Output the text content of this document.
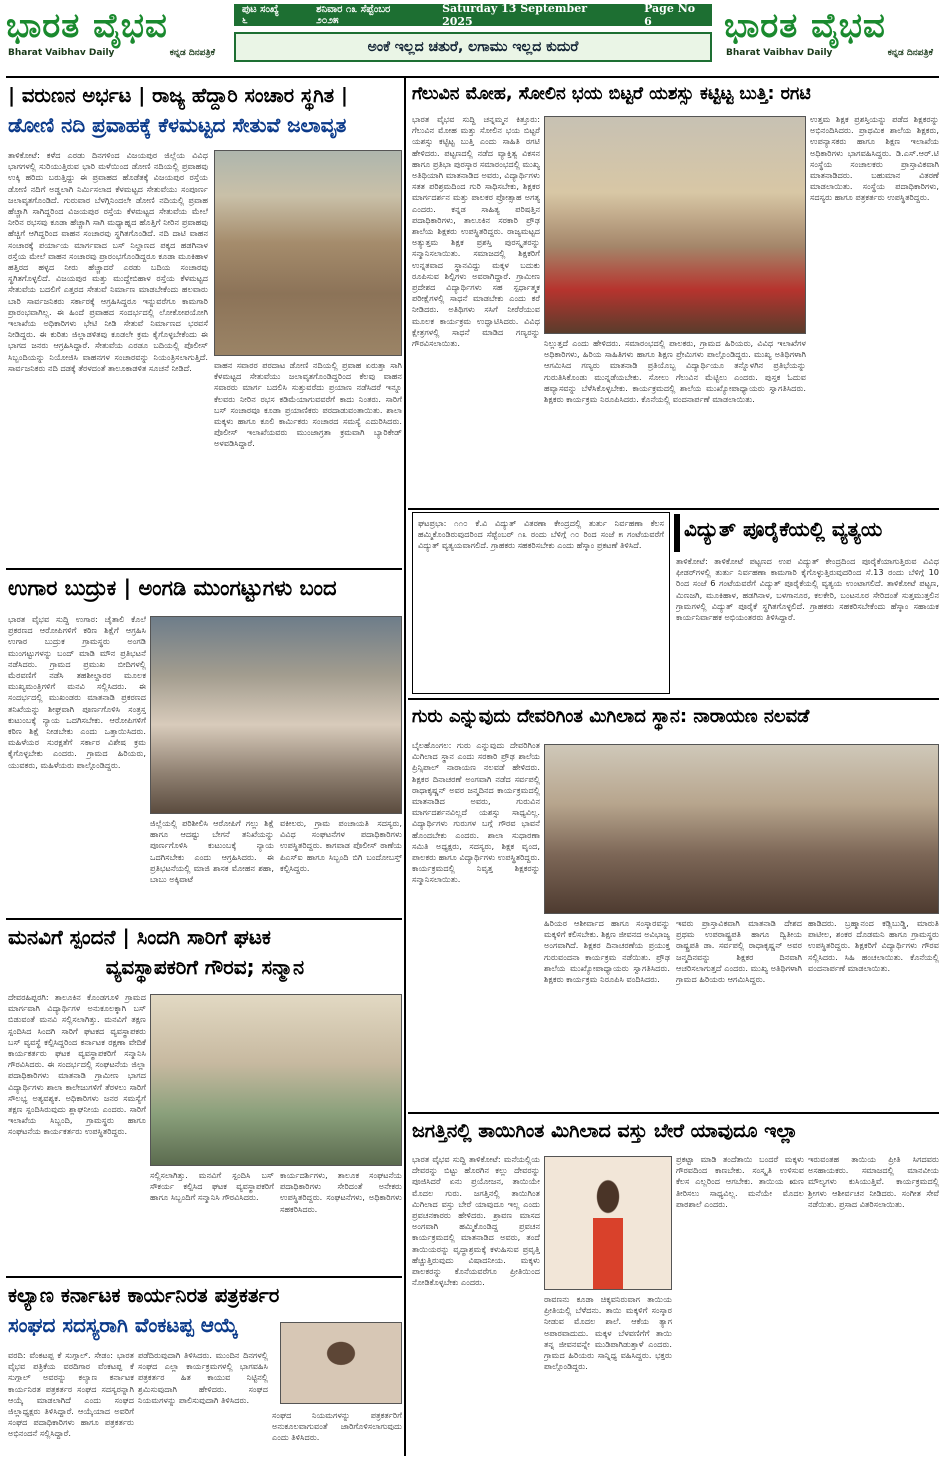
ಭಾರತ ವೈಭವ
Bharat Vaibhav Daily	ಕನ್ನಡ ದಿನಪತ್ರಿಕೆ
ಪುಟ ಸಂಖ್ಯೆ ೬
ಶನಿವಾರ ೧೩ ಸೆಪ್ಟೆಂಬರ ೨೦೨೫
Saturday 13 September 2025
Page No 6
ಅಂಕೆ ಇಲ್ಲದ ಚತುರೆ, ಲಗಾಮು ಇಲ್ಲದ ಕುದುರೆ
ಭಾರತ ವೈಭವ
Bharat Vaibhav Daily	ಕನ್ನಡ ದಿನಪತ್ರಿಕೆ
| ವರುಣನ ಅರ್ಭಟ | ರಾಜ್ಯ ಹೆದ್ದಾರಿ ಸಂಚಾರ ಸ್ಥಗಿತ |
ಡೋಣಿ ನದಿ ಪ್ರವಾಹಕ್ಕೆ ಕೆಳಮಟ್ಟದ ಸೇತುವೆ ಜಲಾವೃತ
ತಾಳಿಕೋಟೆ: ಕಳೆದ ಎರಡು ದಿನಗಳಿಂದ ವಿಜಯಪುರ ಜಿಲ್ಲೆಯ ವಿವಿಧ ಭಾಗಗಳಲ್ಲಿ ಸುರಿಯುತ್ತಿರುವ ಭಾರಿ ಮಳೆಯಿಂದ ಡೋಣಿ ನದಿಯಲ್ಲಿ ಪ್ರವಾಹವು ಉಕ್ಕಿ ಹರಿದು ಬರುತ್ತಿದ್ದು ಈ ಪ್ರವಾಹದ ಹೊಡೆತಕ್ಕೆ ವಿಜಯಪುರ ರಸ್ತೆಯ ಡೋಣಿ ನದಿಗೆ ಅಡ್ಡಲಾಗಿ ನಿರ್ಮಿಸಲಾದ ಕೆಳಮಟ್ಟದ ಸೇತುವೆಯು ಸಂಪೂರ್ಣ ಜಲಾವೃತಗೊಂಡಿದೆ. ಗುರುವಾರ ಬೆಳಗ್ಗಿನಿಂದಲೇ ಡೋಣಿ ನದಿಯಲ್ಲಿ ಪ್ರವಾಹ ಹೆಚ್ಚಾಗಿ ಸಾಗಿದ್ದರಿಂದ ವಿಜಯಪುರ ರಸ್ತೆಯ ಕೆಳಮಟ್ಟದ ಸೇತುವೆಯ ಮೇಲೆ ನೀರಿನ ರಭಸವು ಕೂಡಾ ಹೆಚ್ಚಾಗಿ ಸಾಗಿ ಮಧ್ಯಾಹ್ನದ ಹೊತ್ತಿಗೆ ನೀರಿನ ಪ್ರವಾಹವು ಹೆಚ್ಚಿಗೆ ಆಗಿದ್ದರಿಂದ ವಾಹನ ಸಂಚಾರವು ಸ್ಥಗಿತಗೊಂಡಿದೆ. ನದಿ ದಾಟಿ ವಾಹನ ಸಂಚಾರಕ್ಕೆ ಪರ್ಯಾಯ ಮಾರ್ಗವಾದ ಬಸ್ ನಿಲ್ದಾಣದ ಪಕ್ಕದ ಹಡಗಿನಾಳ ರಸ್ತೆಯ ಮೇಲೆ ವಾಹನ ಸಂಚಾರವು ಪ್ರಾರಂಭಗೊಂಡಿದ್ದರೂ ಕೂಡಾ ಮೂಕಿಹಾಳ ಹತ್ತಿರದ ಹಳ್ಳದ ನೀರು ಹೆಚ್ಚಾದರೆ ಎರಡು ಬದಿಯ ಸಂಚಾರವು ಸ್ಥಗಿತಗೊಳ್ಳಲಿದೆ. ವಿಜಯಪುರ ಮತ್ತು ಮುದ್ದೇಬಿಹಾಳ ರಸ್ತೆಯ ಕೆಳಮಟ್ಟದ ಸೇತುವೆಯ ಬದಲಿಗೆ ಎತ್ತರದ ಸೇತುವೆ ನಿರ್ಮಾಣ ಮಾಡಬೇಕೆಂದು ಹಲವಾರು ಬಾರಿ ಸಾರ್ವಜನಿಕರು ಸರ್ಕಾರಕ್ಕೆ ಆಗ್ರಹಿಸಿದ್ದರೂ ಇನ್ನುವರೆಗೂ ಕಾಮಗಾರಿ ಪ್ರಾರಂಭವಾಗಿಲ್ಲ. ಈ ಹಿಂದೆ ಪ್ರವಾಹದ ಸಂದರ್ಭದಲ್ಲಿ ಲೋಕೋಪಯೋಗಿ ಇಲಾಖೆಯ ಅಧಿಕಾರಿಗಳು ಭೇಟಿ ನೀಡಿ ಸೇತುವೆ ನಿರ್ಮಾಣದ ಭರವಸೆ ನೀಡಿದ್ದರು. ಈ ಕುರಿತು ಜಿಲ್ಲಾಡಳಿತವು ಕೂಡಲೇ ಕ್ರಮ ಕೈಗೊಳ್ಳಬೇಕೆಂದು ಈ ಭಾಗದ ಜನರು ಆಗ್ರಹಿಸಿದ್ದಾರೆ. ಸೇತುವೆಯ ಎರಡೂ ಬದಿಯಲ್ಲಿ ಪೊಲೀಸ್ ಸಿಬ್ಬಂದಿಯನ್ನು ನಿಯೋಜಿಸಿ ವಾಹನಗಳ ಸಂಚಾರವನ್ನು ನಿಯಂತ್ರಿಸಲಾಗುತ್ತಿದೆ. ಸಾರ್ವಜನಿಕರು ನದಿ ದಡಕ್ಕೆ ತೆರಳದಂತೆ ತಾಲೂಕಾಡಳಿತ ಸೂಚನೆ ನೀಡಿದೆ.	ವಾಹನ ಸವಾರರ ಪರದಾಟ ಡೋಣಿ ನದಿಯಲ್ಲಿ ಪ್ರವಾಹ ಏರುತ್ತಾ ಸಾಗಿ ಕೆಳಮಟ್ಟದ ಸೇತುವೆಯು ಜಲಾವೃತಗೊಂಡಿದ್ದರಿಂದ ಕೆಲವು ವಾಹನ ಸವಾರರು ಮಾರ್ಗ ಬದಲಿಸಿ ಸುತ್ತುವರೆದು ಪ್ರಯಾಣ ನಡೆಸಿದರೆ ಇನ್ನೂ ಕೆಲವರು ನೀರಿನ ರಭಸ ಕಡಿಮೆಯಾಗುವವರೆಗೆ ಕಾದು ನಿಂತರು. ಸಾರಿಗೆ ಬಸ್ ಸಂಚಾರವೂ ಕೂಡಾ ಪ್ರಯಾಣಿಕರು ಪರದಾಡುವಂತಾಯಿತು. ಶಾಲಾ ಮಕ್ಕಳು ಹಾಗೂ ಕೂಲಿ ಕಾರ್ಮಿಕರು ಸಂಚಾರದ ಸಮಸ್ಯೆ ಎದುರಿಸಿದರು. ಪೊಲೀಸ್ ಇಲಾಖೆಯವರು ಮುಂಜಾಗ್ರತಾ ಕ್ರಮವಾಗಿ ಬ್ಯಾರಿಕೇಡ್ ಅಳವಡಿಸಿದ್ದಾರೆ.
ಉಗಾರ ಬುದ್ರುಕ | ಅಂಗಡಿ ಮುಂಗಟ್ಟುಗಳು ಬಂದ
ಭಾರತ ವೈಭವ ಸುದ್ದಿ ಉಗಾರ: ಚೈತಾಲಿ ಕೊಲೆ ಪ್ರಕರಣದ ಆರೋಪಿಗಳಿಗೆ ಕಠಿಣ ಶಿಕ್ಷೆಗೆ ಆಗ್ರಹಿಸಿ ಉಗಾರ ಬುದ್ರುಕ ಗ್ರಾಮಸ್ಥರು ಅಂಗಡಿ ಮುಂಗಟ್ಟುಗಳನ್ನು ಬಂದ್ ಮಾಡಿ ಮೌನ ಪ್ರತಿಭಟನೆ ನಡೆಸಿದರು. ಗ್ರಾಮದ ಪ್ರಮುಖ ಬೀದಿಗಳಲ್ಲಿ ಮೆರವಣಿಗೆ ನಡೆಸಿ ತಹಶೀಲ್ದಾರರ ಮೂಲಕ ಮುಖ್ಯಮಂತ್ರಿಗಳಿಗೆ ಮನವಿ ಸಲ್ಲಿಸಿದರು. ಈ ಸಂದರ್ಭದಲ್ಲಿ ಮುಖಂಡರು ಮಾತನಾಡಿ ಪ್ರಕರಣದ ತನಿಖೆಯನ್ನು ಶೀಘ್ರವಾಗಿ ಪೂರ್ಣಗೊಳಿಸಿ ಸಂತ್ರಸ್ತ ಕುಟುಂಬಕ್ಕೆ ನ್ಯಾಯ ಒದಗಿಸಬೇಕು. ಆರೋಪಿಗಳಿಗೆ ಕಠಿಣ ಶಿಕ್ಷೆ ನೀಡಬೇಕು ಎಂದು ಒತ್ತಾಯಿಸಿದರು. ಮಹಿಳೆಯರ ಸುರಕ್ಷತೆಗೆ ಸರ್ಕಾರ ವಿಶೇಷ ಕ್ರಮ ಕೈಗೊಳ್ಳಬೇಕು ಎಂದರು. ಗ್ರಾಮದ ಹಿರಿಯರು, ಯುವಕರು, ಮಹಿಳೆಯರು ಪಾಲ್ಗೊಂಡಿದ್ದರು.
ಜಿಲ್ಲೆಯಲ್ಲಿ ಪರಿಶೀಲಿಸಿ ಆರೋಪಿಗೆ ಗಲ್ಲು ಶಿಕ್ಷೆ ಹಾಗೂ ಆದಷ್ಟು ಬೇಗನೆ ತನಿಖೆಯನ್ನು ಪೂರ್ಣಗೊಳಿಸಿ ಕುಟುಂಬಕ್ಕೆ ನ್ಯಾಯ ಒದಗಿಸಬೇಕು ಎಂದು ಆಗ್ರಹಿಸಿದರು. ಈ ಪ್ರತಿಭಟನೆಯಲ್ಲಿ ಮಾಜಿ ಶಾಸಕ ಮೋಹನ ಶಹಾ, ಬಾಬು ಅಕ್ಕಿವಾಟೆ
ವಕೀಲರು, ಗ್ರಾಮ ಪಂಚಾಯತಿ ಸದಸ್ಯರು, ವಿವಿಧ ಸಂಘಟನೆಗಳ ಪದಾಧಿಕಾರಿಗಳು ಉಪಸ್ಥಿತರಿದ್ದರು. ಕಾಗವಾಡ ಪೊಲೀಸ್ ಠಾಣೆಯ ಪಿಎಸ್‌ಐ ಹಾಗೂ ಸಿಬ್ಬಂದಿ ಬಿಗಿ ಬಂದೋಬಸ್ತ್ ಕಲ್ಪಿಸಿದ್ದರು.
ಮನವಿಗೆ ಸ್ಪಂದನೆ | ಸಿಂದಗಿ ಸಾರಿಗೆ ಘಟಕ
ವ್ಯವಸ್ಥಾಪಕರಿಗೆ ಗೌರವ; ಸನ್ಮಾನ
ದೇವರಹಿಪ್ಪರಗಿ: ತಾಲೂಕಿನ ಕೊಂಡಗೂಳಿ ಗ್ರಾಮದ ಮಾರ್ಗವಾಗಿ ವಿದ್ಯಾರ್ಥಿಗಳ ಅನುಕೂಲಕ್ಕಾಗಿ ಬಸ್ ಬಿಡುವಂತೆ ಮನವಿ ಸಲ್ಲಿಸಲಾಗಿತ್ತು. ಮನವಿಗೆ ತಕ್ಷಣ ಸ್ಪಂದಿಸಿದ ಸಿಂದಗಿ ಸಾರಿಗೆ ಘಟಕದ ವ್ಯವಸ್ಥಾಪಕರು ಬಸ್ ವ್ಯವಸ್ಥೆ ಕಲ್ಪಿಸಿದ್ದರಿಂದ ಕರ್ನಾಟಕ ರಕ್ಷಣಾ ವೇದಿಕೆ ಕಾರ್ಯಕರ್ತರು ಘಟಕ ವ್ಯವಸ್ಥಾಪಕರಿಗೆ ಸನ್ಮಾನಿಸಿ ಗೌರವಿಸಿದರು. ಈ ಸಂದರ್ಭದಲ್ಲಿ ಸಂಘಟನೆಯ ಜಿಲ್ಲಾ ಪದಾಧಿಕಾರಿಗಳು ಮಾತನಾಡಿ ಗ್ರಾಮೀಣ ಭಾಗದ ವಿದ್ಯಾರ್ಥಿಗಳು ಶಾಲಾ ಕಾಲೇಜುಗಳಿಗೆ ತೆರಳಲು ಸಾರಿಗೆ ಸೌಲಭ್ಯ ಅತ್ಯವಶ್ಯಕ. ಅಧಿಕಾರಿಗಳು ಜನರ ಸಮಸ್ಯೆಗೆ ತಕ್ಷಣ ಸ್ಪಂದಿಸಿರುವುದು ಶ್ಲಾಘನೀಯ ಎಂದರು. ಸಾರಿಗೆ ಇಲಾಖೆಯ ಸಿಬ್ಬಂದಿ, ಗ್ರಾಮಸ್ಥರು ಹಾಗೂ ಸಂಘಟನೆಯ ಕಾರ್ಯಕರ್ತರು ಉಪಸ್ಥಿತರಿದ್ದರು.
ಸಲ್ಲಿಸಲಾಗಿತ್ತು. ಮನವಿಗೆ ಸ್ಪಂದಿಸಿ ಬಸ್ ಸೌಕರ್ಯ ಕಲ್ಪಿಸಿದ ಘಟಕ ವ್ಯವಸ್ಥಾಪಕರಿಗೆ ಹಾಗೂ ಸಿಬ್ಬಂದಿಗೆ ಸನ್ಮಾನಿಸಿ ಗೌರವಿಸಿದರು.
ಕಾರ್ಯದರ್ಶಿಗಳು, ತಾಲೂಕ ಸಂಘಟನೆಯ ಪದಾಧಿಕಾರಿಗಳು ಸೇರಿದಂತೆ ಅನೇಕರು ಉಪಸ್ಥಿತರಿದ್ದರು. ಸಂಘಟನೆಗಳು, ಅಧಿಕಾರಿಗಳು ಸಹಕರಿಸಿದರು.
ಕಲ್ಯಾಣ ಕರ್ನಾಟಕ ಕಾರ್ಯನಿರತ ಪತ್ರಕರ್ತರ
ಸಂಘದ ಸದಸ್ಯರಾಗಿ ವೆಂಕಟಪ್ಪ ಆಯ್ಕೆ
ವರದಿ: ವೆಂಕಟಪ್ಪ ಕೆ ಸುಗ್ಗಾಲ್. ಸೇಡಂ: ಭಾರತ ವೈಭವ ಪತ್ರಿಕೆಯ ವರದಿಗಾರ ವೆಂಕಟಪ್ಪ ಕೆ ಸುಗ್ಗಾಲ್ ಅವರನ್ನು ಕಲ್ಯಾಣ ಕರ್ನಾಟಕ ಕಾರ್ಯನಿರತ ಪತ್ರಕರ್ತರ ಸಂಘದ ಸದಸ್ಯರನ್ನಾಗಿ ಆಯ್ಕೆ ಮಾಡಲಾಗಿದೆ ಎಂದು ಸಂಘದ ಜಿಲ್ಲಾಧ್ಯಕ್ಷರು ತಿಳಿಸಿದ್ದಾರೆ. ಆಯ್ಕೆಯಾದ ಅವರಿಗೆ ಸಂಘದ ಪದಾಧಿಕಾರಿಗಳು ಹಾಗೂ ಪತ್ರಕರ್ತರು ಅಭಿನಂದನೆ ಸಲ್ಲಿಸಿದ್ದಾರೆ.
ಪಡೆದಿರುವುದಾಗಿ ತಿಳಿಸಿದರು. ಮುಂದಿನ ದಿನಗಳಲ್ಲಿ ಸಂಘದ ಎಲ್ಲಾ ಕಾರ್ಯಕ್ರಮಗಳಲ್ಲಿ ಭಾಗವಹಿಸಿ ಪತ್ರಕರ್ತರ ಹಿತ ಕಾಯುವ ನಿಟ್ಟಿನಲ್ಲಿ ಶ್ರಮಿಸುವುದಾಗಿ ಹೇಳಿದರು. ಸಂಘದ ನಿಯಮಗಳನ್ನು ಪಾಲಿಸುವುದಾಗಿ ತಿಳಿಸಿದರು.
ಸಂಘದ ನಿಯಮಗಳನ್ನು ಪತ್ರಕರ್ತರಿಗೆ ಅನುಕೂಲವಾಗುವಂತೆ ಜಾರಿಗೊಳಿಸಲಾಗುವುದು ಎಂದು ತಿಳಿಸಿದರು.
ಗೆಲುವಿನ ಮೋಹ, ಸೋಲಿನ ಭಯ ಬಿಟ್ಟರೆ ಯಶಸ್ಸು ಕಟ್ಟಿಟ್ಟ ಬುತ್ತಿ: ರಗಟಿ
ಭಾರತ ವೈಭವ ಸುದ್ದಿ ಚನ್ನಮ್ಮನ ಕಿತ್ತೂರು: ಗೆಲುವಿನ ಮೋಹ ಮತ್ತು ಸೋಲಿನ ಭಯ ಬಿಟ್ಟರೆ ಯಶಸ್ಸು ಕಟ್ಟಿಟ್ಟ ಬುತ್ತಿ ಎಂದು ಸಾಹಿತಿ ರಗಟಿ ಹೇಳಿದರು. ಪಟ್ಟಣದಲ್ಲಿ ನಡೆದ ವ್ಯಾಕ್ತಿತ್ವ ವಿಕಸನ ಹಾಗೂ ಪ್ರತಿಭಾ ಪುರಸ್ಕಾರ ಸಮಾರಂಭದಲ್ಲಿ ಮುಖ್ಯ ಅತಿಥಿಯಾಗಿ ಮಾತನಾಡಿದ ಅವರು, ವಿದ್ಯಾರ್ಥಿಗಳು ಸತತ ಪರಿಶ್ರಮದಿಂದ ಗುರಿ ಸಾಧಿಸಬೇಕು, ಶಿಕ್ಷಕರ ಮಾರ್ಗದರ್ಶನ ಮತ್ತು ಪಾಲಕರ ಪ್ರೋತ್ಸಾಹ ಅಗತ್ಯ ಎಂದರು. ಕನ್ನಡ ಸಾಹಿತ್ಯ ಪರಿಷತ್ತಿನ ಪದಾಧಿಕಾರಿಗಳು, ತಾಲೂಕಿನ ಸರಕಾರಿ ಪ್ರೌಢ ಶಾಲೆಯ ಶಿಕ್ಷಕರು ಉಪಸ್ಥಿತರಿದ್ದರು. ರಾಜ್ಯಮಟ್ಟದ ಅತ್ಯುತ್ತಮ ಶಿಕ್ಷಕ ಪ್ರಶಸ್ತಿ ಪುರಸ್ಕೃತರನ್ನು ಸನ್ಮಾನಿಸಲಾಯಿತು. ಸಮಾಜದಲ್ಲಿ ಶಿಕ್ಷಕರಿಗೆ ಉನ್ನತವಾದ ಸ್ಥಾನವಿದ್ದು ಮಕ್ಕಳ ಬದುಕು ರೂಪಿಸುವ ಶಿಲ್ಪಿಗಳು ಅವರಾಗಿದ್ದಾರೆ. ಗ್ರಾಮೀಣ ಪ್ರದೇಶದ ವಿದ್ಯಾರ್ಥಿಗಳು ಸಹ ಸ್ಪರ್ಧಾತ್ಮಕ ಪರೀಕ್ಷೆಗಳಲ್ಲಿ ಸಾಧನೆ ಮಾಡಬೇಕು ಎಂದು ಕರೆ ನೀಡಿದರು. ಅತಿಥಿಗಳು ಸಸಿಗೆ ನೀರೆರೆಯುವ ಮೂಲಕ ಕಾರ್ಯಕ್ರಮ ಉದ್ಘಾಟಿಸಿದರು. ವಿವಿಧ ಕ್ಷೇತ್ರಗಳಲ್ಲಿ ಸಾಧನೆ ಮಾಡಿದ ಗಣ್ಯರನ್ನು ಗೌರವಿಸಲಾಯಿತು.	ನಿಲ್ಲುತ್ತದೆ ಎಂದು ಹೇಳಿದರು. ಸಮಾರಂಭದಲ್ಲಿ ಪಾಲಕರು, ಗ್ರಾಮದ ಹಿರಿಯರು, ವಿವಿಧ ಇಲಾಖೆಗಳ ಅಧಿಕಾರಿಗಳು, ಹಿರಿಯ ಸಾಹಿತಿಗಳು ಹಾಗೂ ಶಿಕ್ಷಣ ಪ್ರೇಮಿಗಳು ಪಾಲ್ಗೊಂಡಿದ್ದರು. ಮುಖ್ಯ ಅತಿಥಿಗಳಾಗಿ ಆಗಮಿಸಿದ ಗಣ್ಯರು ಮಾತನಾಡಿ ಪ್ರತಿಯೊಬ್ಬ ವಿದ್ಯಾರ್ಥಿಯೂ ತನ್ನೊಳಗಿನ ಪ್ರತಿಭೆಯನ್ನು ಗುರುತಿಸಿಕೊಂಡು ಮುನ್ನಡೆಯಬೇಕು. ಸೋಲು ಗೆಲುವಿನ ಮೆಟ್ಟಿಲು ಎಂದರು. ಪುಸ್ತಕ ಓದುವ ಹವ್ಯಾಸವನ್ನು ಬೆಳೆಸಿಕೊಳ್ಳಬೇಕು. ಕಾರ್ಯಕ್ರಮದಲ್ಲಿ ಶಾಲೆಯ ಮುಖ್ಯೋಪಾಧ್ಯಾಯರು ಸ್ವಾಗತಿಸಿದರು. ಶಿಕ್ಷಕರು ಕಾರ್ಯಕ್ರಮ ನಿರೂಪಿಸಿದರು. ಕೊನೆಯಲ್ಲಿ ವಂದನಾರ್ಪಣೆ ಮಾಡಲಾಯಿತು.
ಉತ್ತಮ ಶಿಕ್ಷಕ ಪ್ರಶಸ್ತಿಯನ್ನು ಪಡೆದ ಶಿಕ್ಷಕರನ್ನು ಅಭಿನಂದಿಸಿದರು. ಪ್ರಾಥಮಿಕ ಶಾಲೆಯ ಶಿಕ್ಷಕರು, ಉಪನ್ಯಾಸಕರು ಹಾಗೂ ಶಿಕ್ಷಣ ಇಲಾಖೆಯ ಅಧಿಕಾರಿಗಳು ಭಾಗವಹಿಸಿದ್ದರು. ಡಿ.ಎಸ್.ಆರ್.ಟಿ ಸಂಸ್ಥೆಯ ಸಂಚಾಲಕರು ಪ್ರಾಸ್ತಾವಿಕವಾಗಿ ಮಾತನಾಡಿದರು. ಬಹುಮಾನ ವಿತರಣೆ ಮಾಡಲಾಯಿತು. ಸಂಸ್ಥೆಯ ಪದಾಧಿಕಾರಿಗಳು, ಸದಸ್ಯರು ಹಾಗೂ ಪತ್ರಕರ್ತರು ಉಪಸ್ಥಿತರಿದ್ದರು.
ಘಟಪ್ರಭಾ: ೧೧೦ ಕೆ.ವಿ ವಿದ್ಯುತ್ ವಿತರಣಾ ಕೇಂದ್ರದಲ್ಲಿ ತುರ್ತು ನಿರ್ವಹಣಾ ಕೆಲಸ ಹಮ್ಮಿಕೊಂಡಿರುವುದರಿಂದ ಸೆಪ್ಟೆಂಬರ್ ೧೩ ರಂದು ಬೆಳಿಗ್ಗೆ ೧೦ ರಿಂದ ಸಂಜೆ ೫ ಗಂಟೆಯವರೆಗೆ ವಿದ್ಯುತ್ ವ್ಯತ್ಯಯವಾಗಲಿದೆ. ಗ್ರಾಹಕರು ಸಹಕರಿಸಬೇಕು ಎಂದು ಹೆಸ್ಕಾಂ ಪ್ರಕಟಣೆ ತಿಳಿಸಿದೆ.
ವಿದ್ಯುತ್ ಪೂರೈಕೆಯಲ್ಲಿ ವ್ಯತ್ಯಯ
ತಾಳಿಕೋಟೆ: ತಾಳಿಕೋಟೆ ಪಟ್ಟಣದ ಉಪ ವಿದ್ಯುತ್ ಕೇಂದ್ರದಿಂದ ಪೂರೈಕೆಯಾಗುತ್ತಿರುವ ವಿವಿಧ ಫೀಡರ್‌ಗಳಲ್ಲಿ ತುರ್ತು ನಿರ್ವಹಣಾ ಕಾಮಗಾರಿ ಕೈಗೊಳ್ಳುತ್ತಿರುವುದರಿಂದ ಸೆ.13 ರಂದು ಬೆಳಿಗ್ಗೆ 10 ರಿಂದ ಸಂಜೆ 6 ಗಂಟೆಯವರೆಗೆ ವಿದ್ಯುತ್ ಪೂರೈಕೆಯಲ್ಲಿ ವ್ಯತ್ಯಯ ಉಂಟಾಗಲಿದೆ. ತಾಳಿಕೋಟೆ ಪಟ್ಟಣ, ಮಿಣಜಗಿ, ಮೂಕಿಹಾಳ, ಹಡಗಿನಾಳ, ಬಳಗಾನೂರ, ಕಲಕೇರಿ, ಬಂಟನೂರ ಸೇರಿದಂತೆ ಸುತ್ತಮುತ್ತಲಿನ ಗ್ರಾಮಗಳಲ್ಲಿ ವಿದ್ಯುತ್ ಪೂರೈಕೆ ಸ್ಥಗಿತಗೊಳ್ಳಲಿದೆ. ಗ್ರಾಹಕರು ಸಹಕರಿಸಬೇಕೆಂದು ಹೆಸ್ಕಾಂ ಸಹಾಯಕ ಕಾರ್ಯನಿರ್ವಾಹಕ ಅಭಿಯಂತರರು ತಿಳಿಸಿದ್ದಾರೆ.
ಗುರು ಎನ್ನುವುದು ದೇವರಿಗಿಂತ ಮಿಗಿಲಾದ ಸ್ಥಾನ: ನಾರಾಯಣ ನಲವಡೆ
ಬೈಲಹೊಂಗಲ: ಗುರು ಎನ್ನುವುದು ದೇವರಿಗಿಂತ ಮಿಗಿಲಾದ ಸ್ಥಾನ ಎಂದು ಸರಕಾರಿ ಪ್ರೌಢ ಶಾಲೆಯ ಪ್ರಿನ್ಸಿಪಾಲ್ ನಾರಾಯಣ ನಲವಡೆ ಹೇಳಿದರು. ಶಿಕ್ಷಕರ ದಿನಾಚರಣೆ ಅಂಗವಾಗಿ ನಡೆದ ಸರ್ವಪಲ್ಲಿ ರಾಧಾಕೃಷ್ಣನ್ ಅವರ ಜನ್ಮದಿನದ ಕಾರ್ಯಕ್ರಮದಲ್ಲಿ ಮಾತನಾಡಿದ ಅವರು, ಗುರುವಿನ ಮಾರ್ಗದರ್ಶನವಿಲ್ಲದೆ ಯಶಸ್ಸು ಸಾಧ್ಯವಿಲ್ಲ. ವಿದ್ಯಾರ್ಥಿಗಳು ಗುರುಗಳ ಬಗ್ಗೆ ಗೌರವ ಭಾವನೆ ಹೊಂದಬೇಕು ಎಂದರು. ಶಾಲಾ ಸುಧಾರಣಾ ಸಮಿತಿ ಅಧ್ಯಕ್ಷರು, ಸದಸ್ಯರು, ಶಿಕ್ಷಕ ವೃಂದ, ಪಾಲಕರು ಹಾಗೂ ವಿದ್ಯಾರ್ಥಿಗಳು ಉಪಸ್ಥಿತರಿದ್ದರು. ಕಾರ್ಯಕ್ರಮದಲ್ಲಿ ನಿವೃತ್ತ ಶಿಕ್ಷಕರನ್ನು ಸನ್ಮಾನಿಸಲಾಯಿತು.
ಹಿರಿಯರ ಆಶೀರ್ವಾದ ಹಾಗೂ ಸಂಸ್ಕಾರವನ್ನು ಮಕ್ಕಳಿಗೆ ಕಲಿಸಬೇಕು. ಶಿಕ್ಷಣ ಜೀವನದ ಅವಿಭಾಜ್ಯ ಅಂಗವಾಗಿದೆ. ಶಿಕ್ಷಕರ ದಿನಾಚರಣೆಯ ಪ್ರಯುಕ್ತ ಗುರುವಂದನಾ ಕಾರ್ಯಕ್ರಮ ನಡೆಯಿತು. ಪ್ರೌಢ ಶಾಲೆಯ ಮುಖ್ಯೋಪಾಧ್ಯಾಯರು ಸ್ವಾಗತಿಸಿದರು. ಶಿಕ್ಷಕರು ಕಾರ್ಯಕ್ರಮ ನಿರೂಪಿಸಿ ವಂದಿಸಿದರು.
ಇವರು ಪ್ರಾಸ್ತಾವಿಕವಾಗಿ ಮಾತನಾಡಿ ದೇಶದ ಪ್ರಥಮ ಉಪರಾಷ್ಟ್ರಪತಿ ಹಾಗೂ ದ್ವಿತೀಯ ರಾಷ್ಟ್ರಪತಿ ಡಾ. ಸರ್ವಪಲ್ಲಿ ರಾಧಾಕೃಷ್ಣನ್ ಅವರ ಜನ್ಮದಿನವನ್ನು ಶಿಕ್ಷಕರ ದಿನವಾಗಿ ಆಚರಿಸಲಾಗುತ್ತದೆ ಎಂದರು. ಮುಖ್ಯ ಅತಿಥಿಗಳಾಗಿ ಗ್ರಾಮದ ಹಿರಿಯರು ಆಗಮಿಸಿದ್ದರು.
ಹಾಡಿದರು. ಬ್ರಹ್ಮಾನಂದ ಕಡ್ಲಿಬುಡ್ಡಿ, ಮಾರುತಿ ಪಾಟೀಲ, ಶಂಕರ ದೊಡಮನಿ ಹಾಗೂ ಗ್ರಾಮಸ್ಥರು ಉಪಸ್ಥಿತರಿದ್ದರು. ಶಿಕ್ಷಕರಿಗೆ ವಿದ್ಯಾರ್ಥಿಗಳು ಗೌರವ ಸಲ್ಲಿಸಿದರು. ಸಿಹಿ ಹಂಚಲಾಯಿತು. ಕೊನೆಯಲ್ಲಿ ವಂದನಾರ್ಪಣೆ ಮಾಡಲಾಯಿತು.
ಜಗತ್ತಿನಲ್ಲಿ ತಾಯಿಗಿಂತ ಮಿಗಿಲಾದ ವಸ್ತು ಬೇರೆ ಯಾವುದೂ ಇಲ್ಲಾ
ಭಾರತ ವೈಭವ ಸುದ್ದಿ ತಾಳಿಕೋಟೆ: ಮನೆಯಲ್ಲಿಯ ದೇವರನ್ನು ಬಿಟ್ಟು ಹೊರಗಿನ ಕಲ್ಲು ದೇವರನ್ನು ಪೂಜಿಸಿದರೆ ಏನು ಪ್ರಯೋಜನ, ತಾಯಿಯೇ ಮೊದಲ ಗುರು. ಜಗತ್ತಿನಲ್ಲಿ ತಾಯಿಗಿಂತ ಮಿಗಿಲಾದ ವಸ್ತು ಬೇರೆ ಯಾವುದೂ ಇಲ್ಲ ಎಂದು ಪ್ರವಚನಕಾರರು ಹೇಳಿದರು. ಶ್ರಾವಣ ಮಾಸದ ಅಂಗವಾಗಿ ಹಮ್ಮಿಕೊಂಡಿದ್ದ ಪ್ರವಚನ ಕಾರ್ಯಕ್ರಮದಲ್ಲಿ ಮಾತನಾಡಿದ ಅವರು, ತಂದೆ ತಾಯಿಯರನ್ನು ವೃದ್ಧಾಶ್ರಮಕ್ಕೆ ಕಳುಹಿಸುವ ಪ್ರವೃತ್ತಿ ಹೆಚ್ಚುತ್ತಿರುವುದು ವಿಷಾದನೀಯ. ಮಕ್ಕಳು ಪಾಲಕರನ್ನು ಕೊನೆಯವರೆಗೂ ಪ್ರೀತಿಯಿಂದ ನೋಡಿಕೊಳ್ಳಬೇಕು ಎಂದರು.
ರಾವಣನು ಕೂಡಾ ಚಿಕ್ಕವನಿರುವಾಗ ತಾಯಿಯ ಪ್ರೀತಿಯಲ್ಲಿ ಬೆಳೆದನು. ತಾಯಿ ಮಕ್ಕಳಿಗೆ ಸಂಸ್ಕಾರ ನೀಡುವ ಮೊದಲ ಶಾಲೆ. ಆಕೆಯ ತ್ಯಾಗ ಅಪಾರವಾದುದು. ಮಕ್ಕಳ ಬೆಳವಣಿಗೆಗೆ ತಾಯಿ ತನ್ನ ಜೀವನವನ್ನೇ ಮುಡಿಪಾಗಿಡುತ್ತಾಳೆ ಎಂದರು. ಗ್ರಾಮದ ಹಿರಿಯರು ಸಾನ್ನಿಧ್ಯ ವಹಿಸಿದ್ದರು. ಭಕ್ತರು ಪಾಲ್ಗೊಂಡಿದ್ದರು.
ಪ್ರಕಟ್ಟಾ ಮಾಡಿ ತಂದೆತಾಯಿ ಬಂದರೆ ಮಕ್ಕಳು ಗೌರವದಿಂದ ಕಾಣಬೇಕು. ಸಂಸ್ಕೃತಿ ಉಳಿಸುವ ಕೆಲಸ ಎಲ್ಲರಿಂದ ಆಗಬೇಕು. ತಾಯಿಯ ಋಣ ತೀರಿಸಲು ಸಾಧ್ಯವಿಲ್ಲ. ಮನೆಯೇ ಮೊದಲ ಪಾಠಶಾಲೆ ಎಂದರು.
ಇರುವಂತಹ ತಾಯಿಯ ಪ್ರೀತಿ ಸಿಗದವರು ಅಸಹಾಯಕರು. ಸಮಾಜದಲ್ಲಿ ಮಾನವೀಯ ಮೌಲ್ಯಗಳು ಕುಸಿಯುತ್ತಿವೆ. ಕಾರ್ಯಕ್ರಮದಲ್ಲಿ ಶ್ರೀಗಳು ಆಶೀರ್ವಚನ ನೀಡಿದರು. ಸಂಗೀತ ಸೇವೆ ನಡೆಯಿತು. ಪ್ರಸಾದ ವಿತರಿಸಲಾಯಿತು.
